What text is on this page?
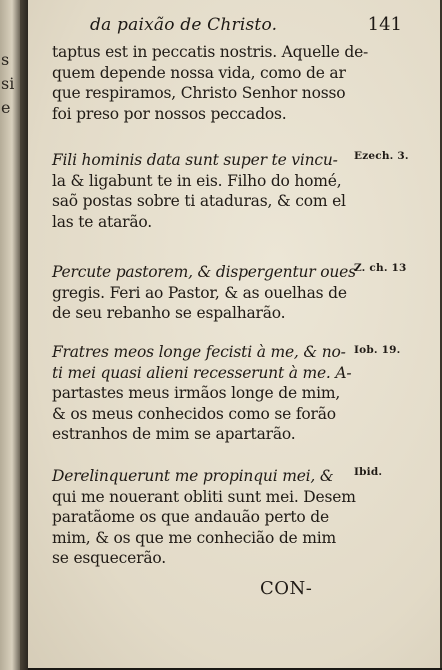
s
si
e
da paixão de Christo.	141
taptus est in peccatis nostris. Aquelle de-
quem depende nossa vida, como de ar
que respiramos, Christo Senhor nosso
foi preso por nossos peccados.
Ezech. 3.
Fili hominis data sunt super te vincu-
la & ligabunt te in eis. Filho do homé,
saõ postas sobre ti ataduras, & com el
las te atarão.
Z. ch. 13
Percute pastorem, & dispergentur oues
gregis. Feri ao Pastor, & as ouelhas de
de seu rebanho se espalharão.
Iob. 19.
Fratres meos longe fecisti à me, & no-
ti mei quasi alieni recesserunt à me. A-
partastes meus irmãos longe de mim,
& os meus conhecidos como se forão
estranhos de mim se apartarão.
Ibid.
Derelinquerunt me propinqui mei, &
qui me nouerant obliti sunt mei. Desem
paratãome os que andauão perto de
mim, & os que me conhecião de mim
se esquecerão.
CON-
